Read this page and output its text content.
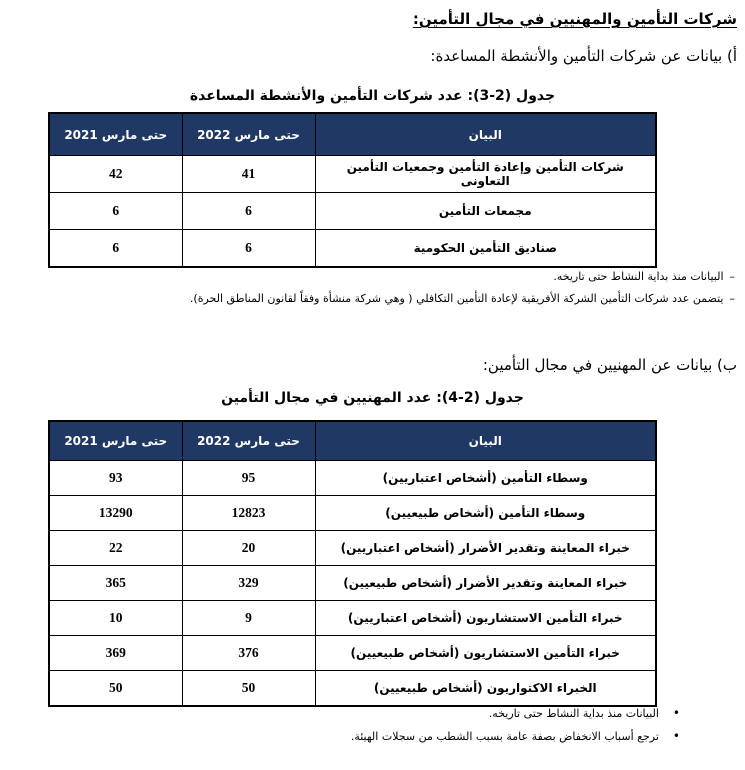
شركات التأمين والمهنيين في مجال التأمين:
أ) بيانات عن شركات التأمين والأنشطة المساعدة:
جدول (2-3): عدد شركات التأمين والأنشطة المساعدة
البيان	حتى مارس 2022	حتى مارس 2021
شركات التأمين وإعادة التأمين وجمعيات التأمين التعاونى	41	42
مجمعات التأمين	6	6
صناديق التأمين الحكومية	6	6
–البيانات منذ بداية النشاط حتى تاريخه.
–يتضمن عدد شركات التأمين الشركة الأفريقية لإعادة التأمين التكافلي ( وهي شركة منشأة وفقاً لقانون المناطق الحرة).
ب) بيانات عن المهنيين في مجال التأمين:
جدول (2-4): عدد المهنيين في مجال التأمين
البيان	حتى مارس 2022	حتى مارس 2021
وسطاء التأمين (أشخاص اعتباريين)	95	93
وسطاء التأمين (أشخاص طبيعيين)	12823	13290
خبراء المعاينة وتقدير الأضرار (أشخاص اعتباريين)	20	22
خبراء المعاينة وتقدير الأضرار (أشخاص طبيعيين)	329	365
خبراء التأمين الاستشاريون (أشخاص اعتباريين)	9	10
خبراء التأمين الاستشاريون (أشخاص طبيعيين)	376	369
الخبراء الاكتواريون (أشخاص طبيعيين)	50	50
•البيانات منذ بداية النشاط حتى تاريخه.
•ترجع أسباب الانخفاض بصفة عامة بسبب الشطب من سجلات الهيئة.
